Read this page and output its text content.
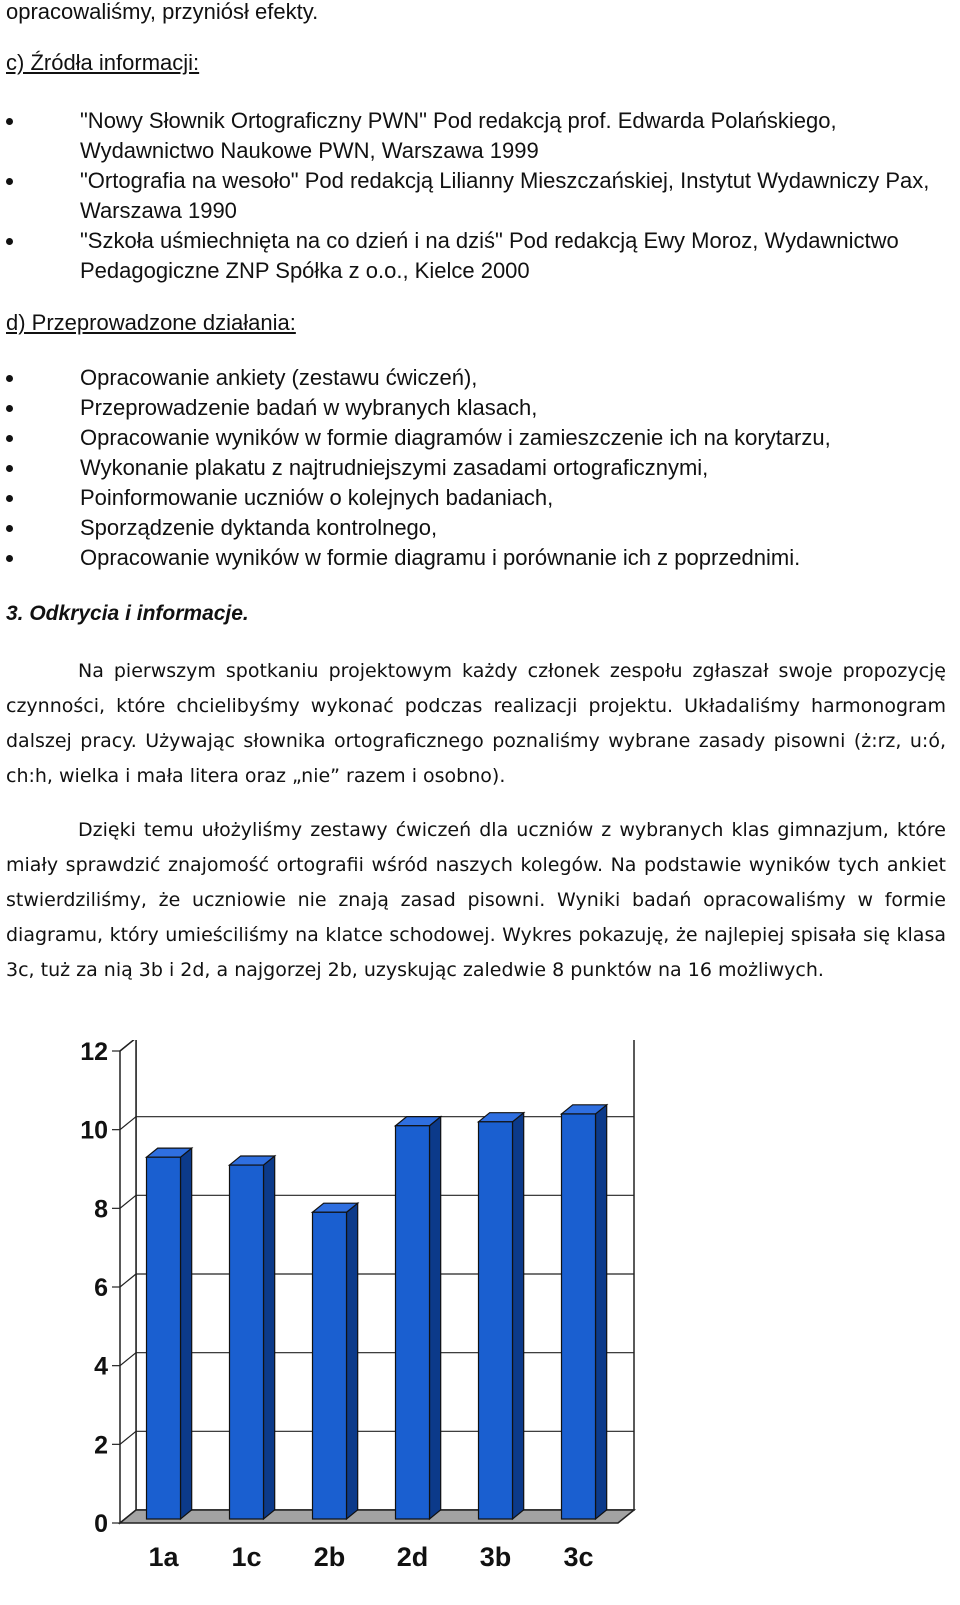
opracowaliśmy, przyniósł efekty.
c) Źródła informacji:
"Nowy Słownik Ortograficzny PWN" Pod redakcją prof. Edwarda Polańskiego, Wydawnictwo Naukowe PWN, Warszawa 1999
"Ortografia na wesoło" Pod redakcją Lilianny Mieszczańskiej, Instytut Wydawniczy Pax, Warszawa 1990
"Szkoła uśmiechnięta na co dzień i na dziś" Pod redakcją Ewy Moroz, Wydawnictwo Pedagogiczne ZNP Spółka z o.o., Kielce 2000
d) Przeprowadzone działania:
Opracowanie ankiety (zestawu ćwiczeń),
Przeprowadzenie badań w wybranych klasach,
Opracowanie wyników w formie diagramów i zamieszczenie ich na korytarzu,
Wykonanie plakatu z najtrudniejszymi zasadami ortograficznymi,
Poinformowanie uczniów o kolejnych badaniach,
Sporządzenie dyktanda kontrolnego,
Opracowanie wyników w formie diagramu i porównanie ich z poprzednimi.
3. Odkrycia i informacje.

Na pierwszym spotkaniu projektowym każdy członek zespołu zgłaszał swoje propozycję czynności, które chcielibyśmy wykonać podczas realizacji projektu. Układaliśmy harmonogram dalszej pracy. Używając słownika ortograficznego poznaliśmy wybrane zasady pisowni (ż:rz, u:ó, ch:h, wielka i mała litera oraz „nie” razem i osobno).

Dzięki temu ułożyliśmy zestawy ćwiczeń dla uczniów z wybranych klas gimnazjum, które miały sprawdzić znajomość ortografii wśród naszych kolegów. Na podstawie wyników tych ankiet stwierdziliśmy, że uczniowie nie znają zasad pisowni. Wyniki badań opracowaliśmy w formie diagramu, który umieściliśmy na klatce schodowej. Wykres pokazuję, że najlepiej spisała się klasa 3c, tuż za nią 3b i 2d, a najgorzej 2b, uzyskując zaledwie 8 punktów na 16 możliwych.

0
2
4
6
8
10
12
1a 1c 2b 2d 3b 3c
